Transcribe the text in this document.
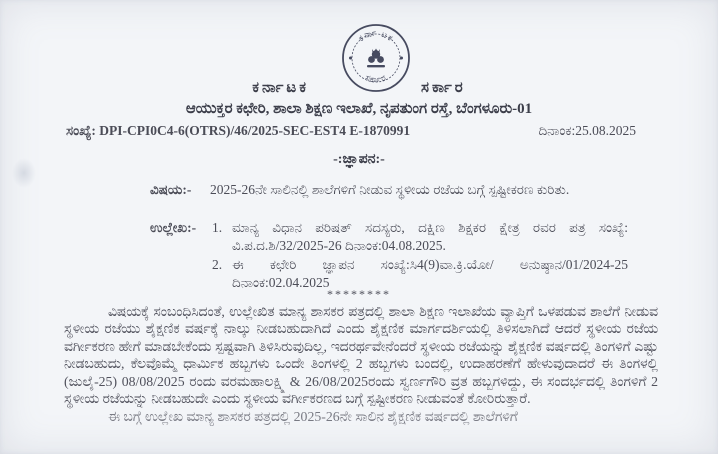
ಕರ್ನಾ ಟಕ
ಸರ್ಕಾರ
ಕರ್ನಾಟಕ	ಸರ್ಕಾರ
ಆಯುಕ್ತರ ಕಛೇರಿ, ಶಾಲಾ ಶಿಕ್ಷಣ ಇಲಾಖೆ, ನೃಪತುಂಗ ರಸ್ತೆ, ಬೆಂಗಳೂರು-01
ಸಂಖ್ಯೆ: DPI-CPI0C4-6(OTRS)/46/2025-SEC-EST4 E-1870991	ದಿನಾಂಕ:25.08.2025
-:ಜ್ಞಾಪನ:-
ವಿಷಯ:-	2025-26ನೇ ಸಾಲಿನಲ್ಲಿ ಶಾಲೆಗಳಿಗೆ ನೀಡುವ ಸ್ಥಳೀಯ ರಜೆಯ ಬಗ್ಗೆ ಸ್ಪಷ್ಟೀಕರಣ ಕುರಿತು.
ಉಲ್ಲೇಖ:-	1. ಮಾನ್ಯ ವಿಧಾನ ಪರಿಷತ್ ಸದಸ್ಯರು, ದಕ್ಷಿಣ ಶಿಕ್ಷಕರ ಕ್ಷೇತ್ರ ರವರ ಪತ್ರ ಸಂಖ್ಯೆ: ವಿ.ಪ.ದ.ಶಿ/32/2025-26 ದಿನಾಂಕ:04.08.2025.
2. ಈ ಕಛೇರಿ ಜ್ಞಾಪನ ಸಂಖ್ಯೆ:ಸಿ4(9)ವಾ.ಕ್ರಿ.ಯೋ/ ಅನುಷ್ಠಾನ/01/2024-25 ದಿನಾಂಕ:02.04.2025
********

ವಿಷಯಕ್ಕೆ ಸಂಬಂಧಿಸಿದಂತೆ, ಉಲ್ಲೇಖಿತ ಮಾನ್ಯ ಶಾಸಕರ ಪತ್ರದಲ್ಲಿ ಶಾಲಾ ಶಿಕ್ಷಣ ಇಲಾಖೆಯ ವ್ಯಾಪ್ತಿಗೆ ಒಳಪಡುವ ಶಾಲೆಗೆ ನೀಡುವ ಸ್ಥಳೀಯ ರಜೆಯು ಶೈಕ್ಷಣಿಕ ವರ್ಷಕ್ಕೆ ನಾಲ್ಕು ನೀಡಬಹುದಾಗಿದೆ ಎಂದು ಶೈಕ್ಷಣಿಕ ಮಾರ್ಗದರ್ಶಿಯಲ್ಲಿ ತಿಳಿಸಲಾಗಿದೆ ಆದರೆ ಸ್ಥಳೀಯ ರಜೆಯ ವರ್ಗೀಕರಣ ಹೇಗೆ ಮಾಡಬೇಕೆಂದು ಸ್ಪಷ್ಟವಾಗಿ ತಿಳಿಸಿರುವುದಿಲ್ಲ, ಇದರರ್ಥವೇನೆಂದರೆ ಸ್ಥಳೀಯ ರಜೆಯನ್ನು ಶೈಕ್ಷಣಿಕ ವರ್ಷದಲ್ಲಿ ತಿಂಗಳಿಗೆ ಎಷ್ಟು ನೀಡಬಹುದು, ಕೆಲವೊಮ್ಮೆ ಧಾರ್ಮಿಕ ಹಬ್ಬಗಳು ಒಂದೇ ತಿಂಗಳಲ್ಲಿ 2 ಹಬ್ಬಗಳು ಬಂದಲ್ಲಿ, ಉದಾಹರಣೆಗೆ ಹೇಳುವುದಾದರೆ ಈ ತಿಂಗಳಲ್ಲಿ (ಜುಲೈ-25) 08/08/2025 ರಂದು ವರಮಹಾಲಕ್ಷ್ಮಿ & 26/08/2025ರಂದು ಸ್ವರ್ಣಗೌರಿ ವ್ರತ ಹಬ್ಬಗಳಿದ್ದು, ಈ ಸಂದರ್ಭದಲ್ಲಿ ತಿಂಗಳಿಗೆ 2 ಸ್ಥಳೀಯ ರಜೆಯನ್ನು ನೀಡಬಹುದೇ ಎಂದು ಸ್ಥಳೀಯ ವರ್ಗೀಕರಣದ ಬಗ್ಗೆ ಸ್ಪಷ್ಟೀಕರಣ ನೀಡುವಂತೆ ಕೋರಿರುತ್ತಾರೆ.

ಈ ಬಗ್ಗೆ ಉಲ್ಲೇಖ ಮಾನ್ಯ ಶಾಸಕರ ಪತ್ರದಲ್ಲಿ 2025-26ನೇ ಸಾಲಿನ ಶೈಕ್ಷಣಿಕ ವರ್ಷದಲ್ಲಿ ಶಾಲೆಗಳಿಗೆ
